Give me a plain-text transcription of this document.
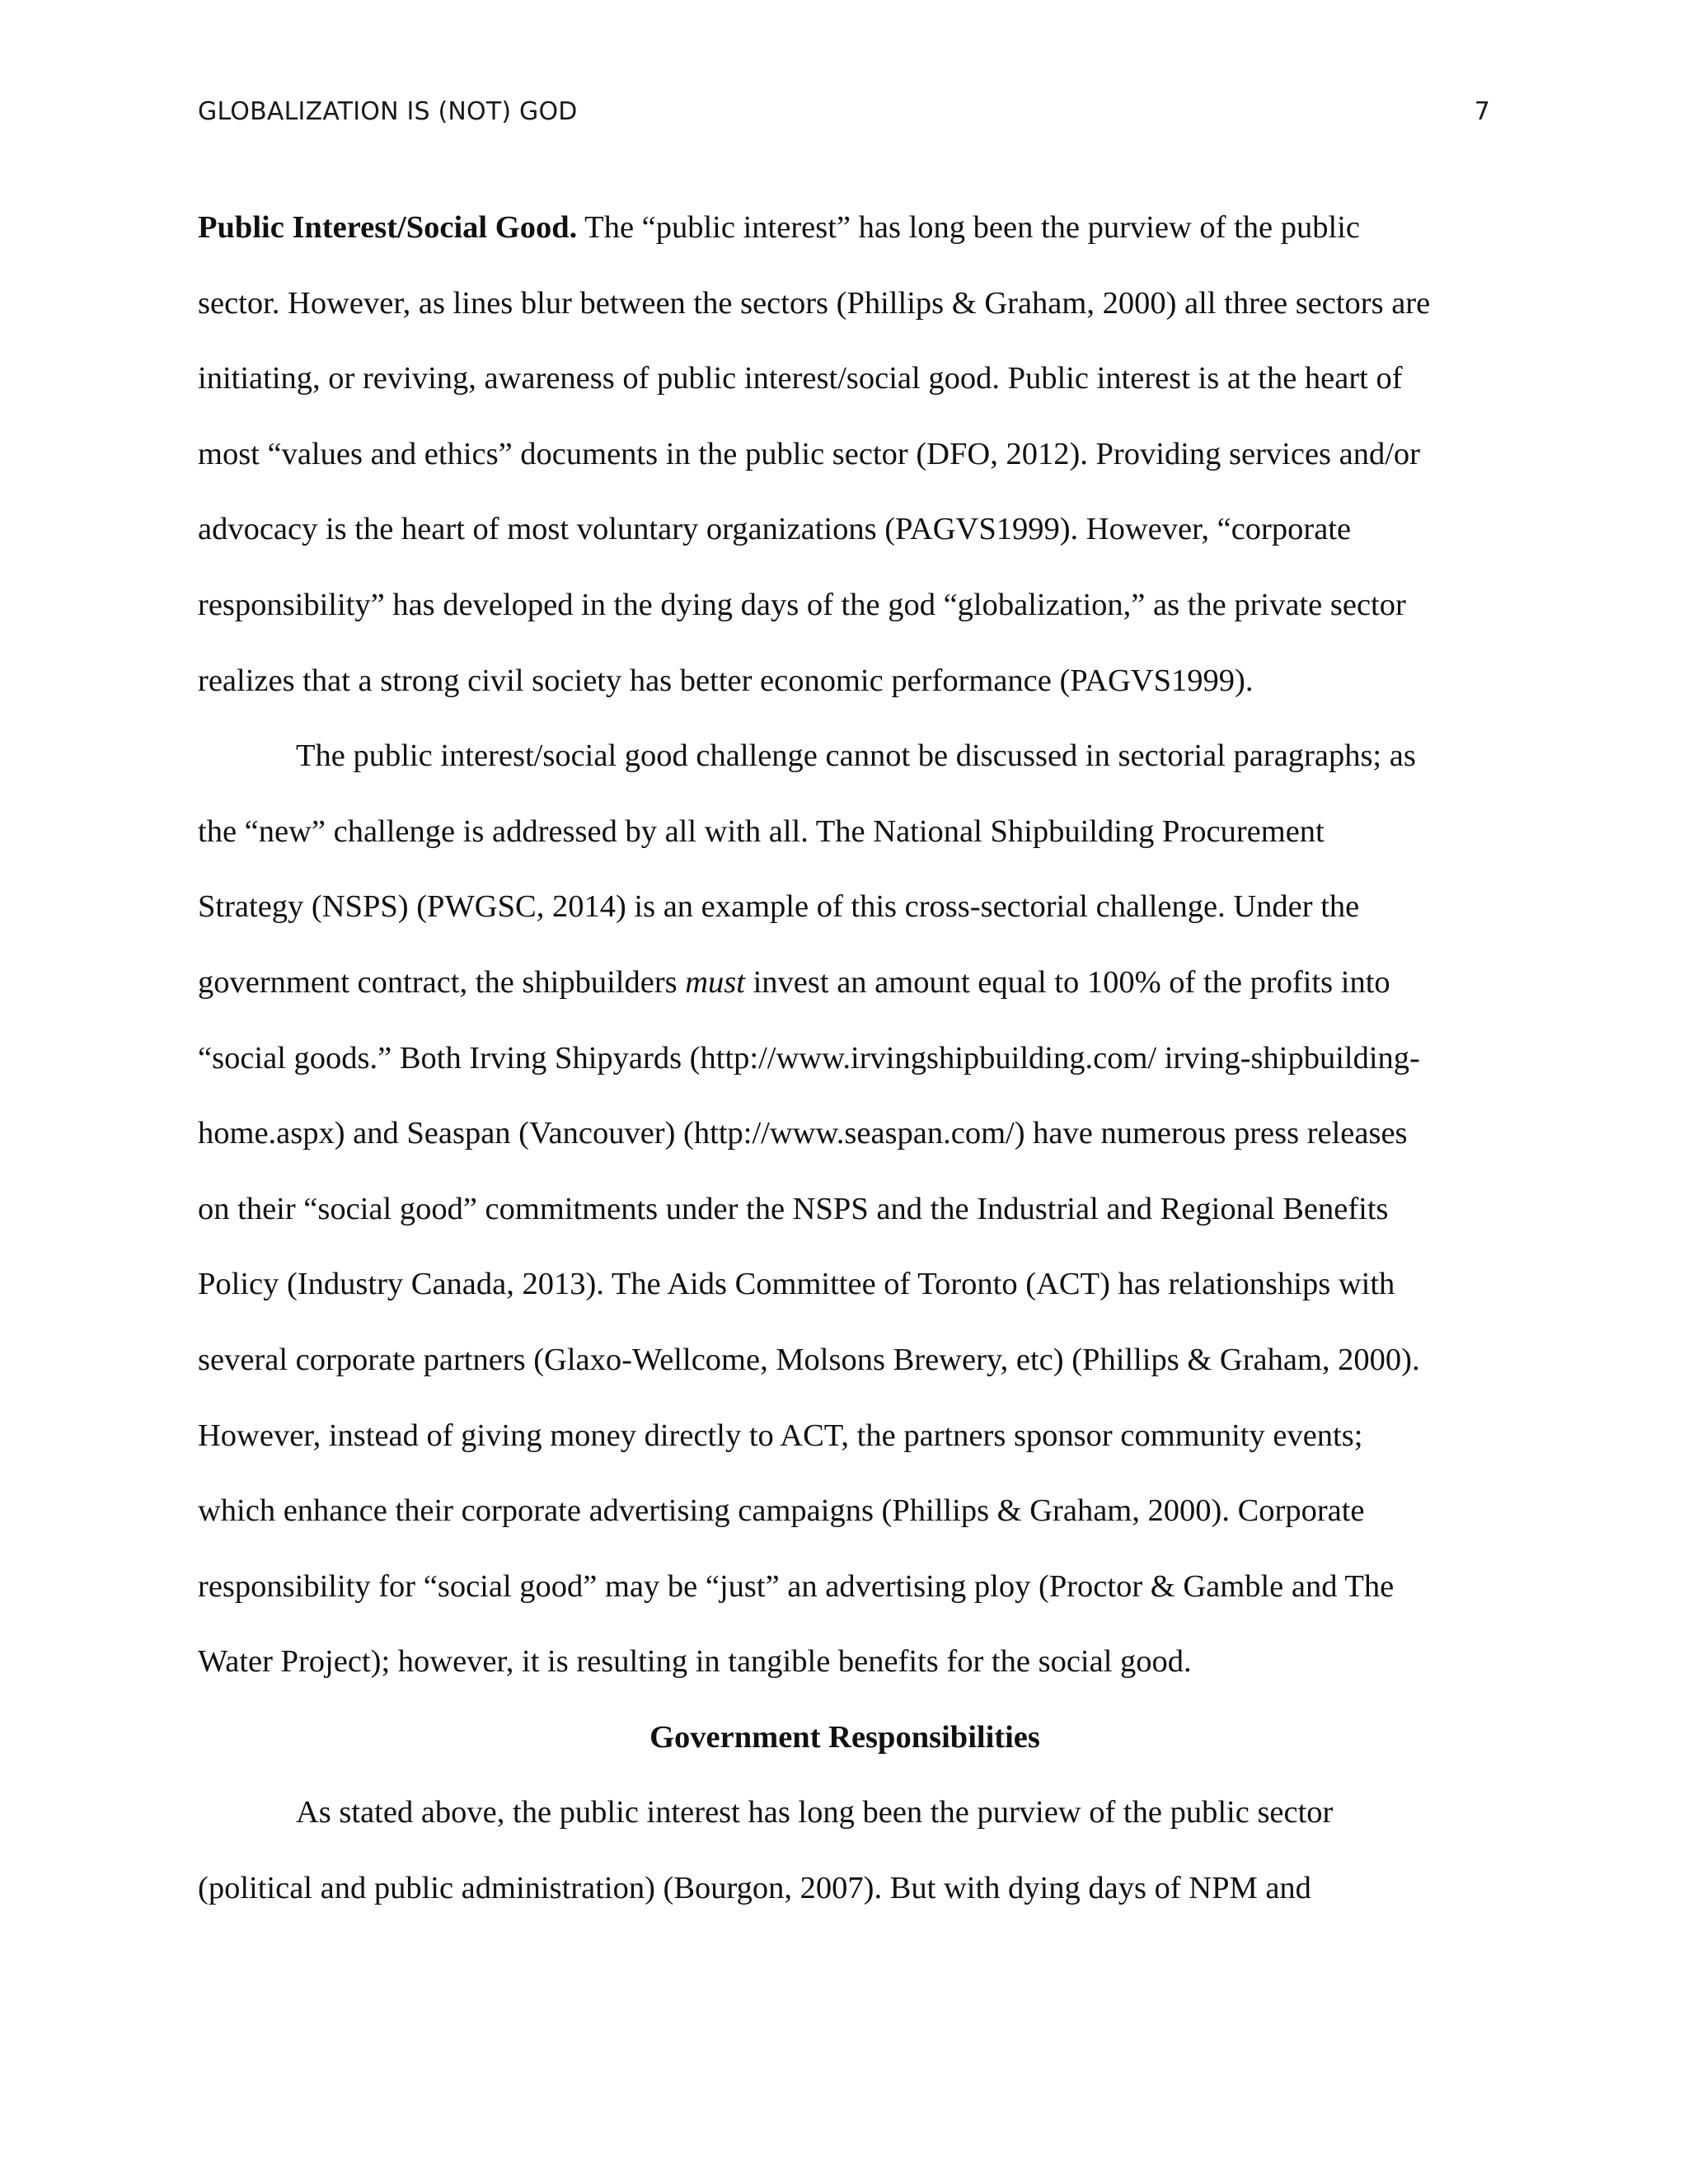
GLOBALIZATION IS (NOT) GOD	7

Public Interest/Social Good. The “public interest” has long been the purview of the public
sector. However, as lines blur between the sectors (Phillips & Graham, 2000) all three sectors are
initiating, or reviving, awareness of public interest/social good. Public interest is at the heart of
most “values and ethics” documents in the public sector (DFO, 2012). Providing services and/or
advocacy is the heart of most voluntary organizations (PAGVS1999). However, “corporate
responsibility” has developed in the dying days of the god “globalization,” as the private sector
realizes that a strong civil society has better economic performance (PAGVS1999).

The public interest/social good challenge cannot be discussed in sectorial paragraphs; as
the “new” challenge is addressed by all with all. The National Shipbuilding Procurement
Strategy (NSPS) (PWGSC, 2014) is an example of this cross-sectorial challenge. Under the
government contract, the shipbuilders must invest an amount equal to 100% of the profits into
“social goods.” Both Irving Shipyards (http://www.irvingshipbuilding.com/ irving-shipbuilding-
home.aspx) and Seaspan (Vancouver) (http://www.seaspan.com/) have numerous press releases
on their “social good” commitments under the NSPS and the Industrial and Regional Benefits
Policy (Industry Canada, 2013). The Aids Committee of Toronto (ACT) has relationships with
several corporate partners (Glaxo-Wellcome, Molsons Brewery, etc) (Phillips & Graham, 2000).
However, instead of giving money directly to ACT, the partners sponsor community events;
which enhance their corporate advertising campaigns (Phillips & Graham, 2000). Corporate
responsibility for “social good” may be “just” an advertising ploy (Proctor & Gamble and The
Water Project); however, it is resulting in tangible benefits for the social good.

Government Responsibilities

As stated above, the public interest has long been the purview of the public sector
(political and public administration) (Bourgon, 2007). But with dying days of NPM and
